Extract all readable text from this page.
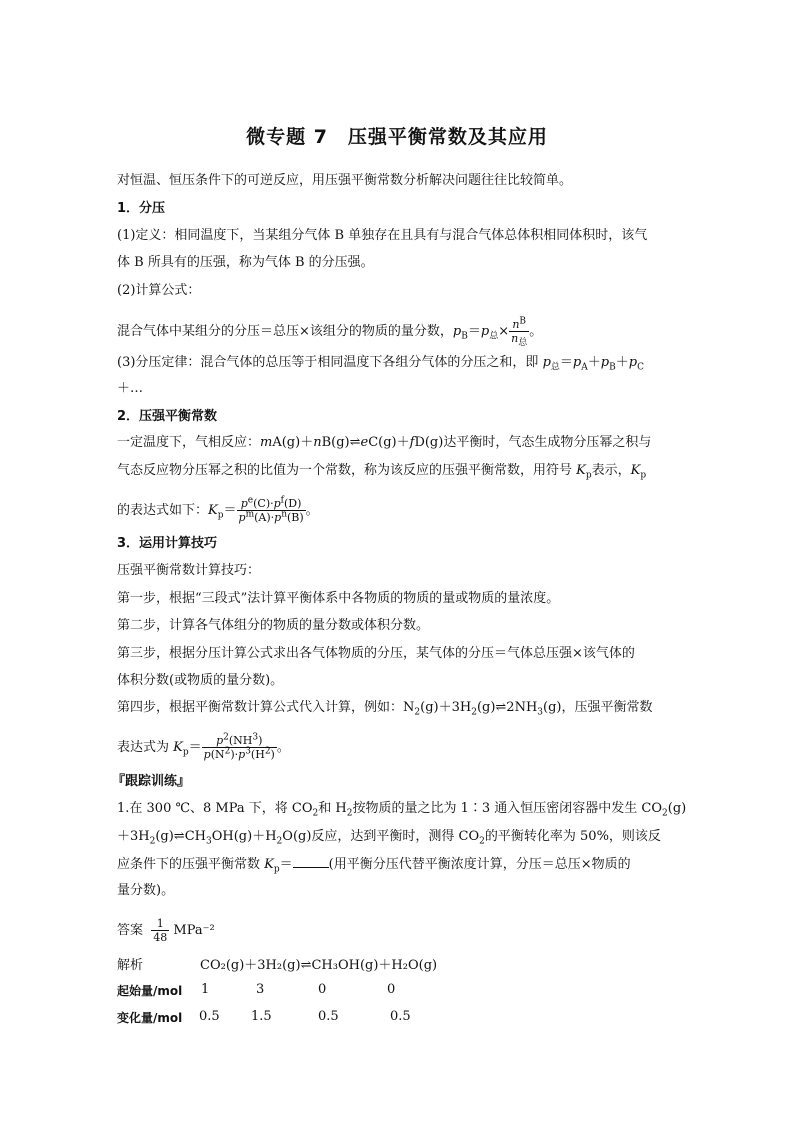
微专题 7　压强平衡常数及其应用
对恒温、恒压条件下的可逆反应，用压强平衡常数分析解决问题往往比较简单。
1．分压
(1)定义：相同温度下，当某组分气体 B 单独存在且具有与混合气体总体积相同体积时，该气
体 B 所具有的压强，称为气体 B 的分压强。
(2)计算公式：
混合气体中某组分的分压＝总压×该组分的物质的量分数，$p_B=p_总\times \frac{n^B}{n_总}$ 。
(3)分压定律：混合气体的总压等于相同温度下各组分气体的分压之和，即 $p_总=p_A+p_B+p_C$
＋…
2．压强平衡常数
一定温度下，气相反应：mA(g)＋nB(g)⇌eC(g)＋fD(g)达平衡时，气态生成物分压幂之积与
气态反应物分压幂之积的比值为一个常数，称为该反应的压强平衡常数，用符号 $K_p$表示，$K_p$
的表达式如下：$K_p= \frac{p^e(C)\cdot p^f(D)}{p^m(A)\cdot p^n(B)}$ 。
3．运用计算技巧
压强平衡常数计算技巧：
第一步，根据“三段式”法计算平衡体系中各物质的物质的量或物质的量浓度。
第二步，计算各气体组分的物质的量分数或体积分数。
第三步，根据分压计算公式求出各气体物质的分压，某气体的分压＝气体总压强×该气体的
体积分数(或物质的量分数)。
第四步，根据平衡常数计算公式代入计算，例如：$N_2(g)+3H_2(g)\rightleftharpoons 2NH_3(g)$，压强平衡常数
表达式为 $K_p= \frac{p^2(NH^3)}{p(N^2)\cdot p^3(H^2)}$ 。
『跟踪训练』
1.在 300 ℃、8 MPa 下，将 $CO_2$和 $H_2$按物质的量之比为 1∶3 通入恒压密闭容器中发生 $CO_2(g)$
$+3H_2(g)\rightleftharpoons CH_3OH(g)+H_2O(g)$反应，达到平衡时，测得 $CO_2$的平衡转化率为 50%，则该反
应条件下的压强平衡常数 $K_p=$	(用平衡分压代替平衡浓度计算，分压＝总压×物质的
量分数)。
答案 $\frac{1}{48} MPa^{-2}$
解析	CO₂(g)＋3H₂(g)⇌CH₃OH(g)＋H₂O(g)
起始量/mol 1	3	0	0
变化量/mol 0.5 1.5	0.5	0.5
